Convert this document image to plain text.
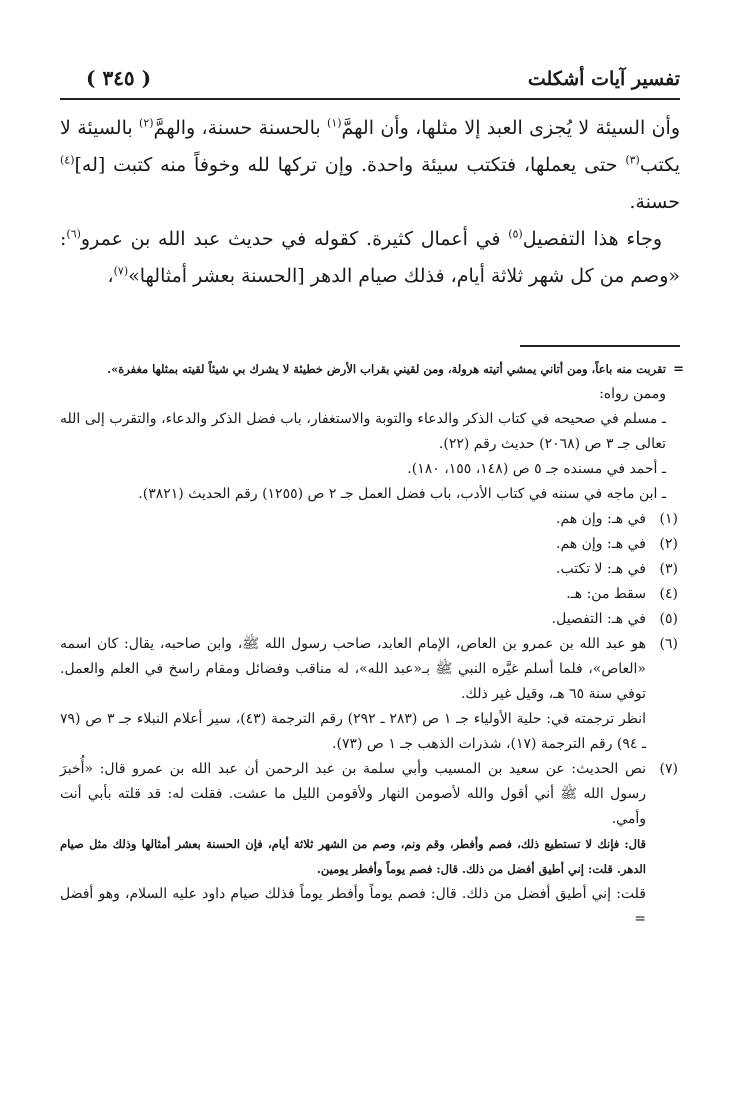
تفسير آيات أشكلت
( ٣٤٥ )

وأن السيئة لا يُجزى العبد إلا مثلها، وأن الهمَّ$^{(١)}$ بالحسنة حسنة، والهمَّ$^{(٢)}$ بالسيئة لا يكتب$^{(٣)}$ حتى يعملها، فتكتب سيئة واحدة. وإن تركها لله وخوفاً منه كتبت [له]$^{(٤)}$ حسنة.

وجاء هذا التفصيل$^{(٥)}$ في أعمال كثيرة. كقوله في حديث عبد الله بن عمرو$^{(٦)}$: «وصم من كل شهر ثلاثة أيام، فذلك صيام الدهر [الحسنة بعشر أمثالها»$^{(٧)}$،

=
تقربت منه باعاً، ومن أتاني يمشي أتيته هرولة، ومن لقيني بقراب الأرض خطيئة لا يشرك بي شيئاً لقيته بمثلها مغفرة».
وممن رواه:
ـ مسلم في صحيحه في كتاب الذكر والدعاء والتوبة والاستغفار، باب فضل الذكر والدعاء، والتقرب إلى الله تعالى جـ ٣ ص (٢٠٦٨) حديث رقم (٢٢).
ـ أحمد في مسنده جـ ٥ ص (١٤٨، ١٥٥، ١٨٠).
ـ ابن ماجه في سننه في كتاب الأدب، باب فضل العمل جـ ٢ ص (١٢٥٥) رقم الحديث (٣٨٢١).
(١)
في هـ: وإن هم.
(٢)
في هـ: وإن هم.
(٣)
في هـ: لا تكتب.
(٤)
سقط من: هـ.
(٥)
في هـ: التفصيل.
(٦)
هو عبد الله بن عمرو بن العاص، الإمام العابد، صاحب رسول الله ﷺ، وابن صاحبه، يقال: كان اسمه «العاص»، فلما أسلم غيَّره النبي ﷺ بـ«عبد الله»، له مناقب وفضائل ومقام راسخ في العلم والعمل. توفي سنة ٦٥ هـ، وقيل غير ذلك.
انظر ترجمته في: حلية الأولياء جـ ١ ص (٢٨٣ ـ ٢٩٢) رقم الترجمة (٤٣)، سير أعلام النبلاء جـ ٣ ص (٧٩ ـ ٩٤) رقم الترجمة (١٧)، شذرات الذهب جـ ١ ص (٧٣).
(٧)
نص الحديث: عن سعيد بن المسيب وأبي سلمة بن عبد الرحمن أن عبد الله بن عمرو قال: «أُخبرَ رسول الله ﷺ أني أقول والله لأصومن النهار ولأقومن الليل ما عشت. فقلت له: قد قلته بأبي أنت وأمي.
قال: فإنك لا تستطيع ذلك، فصم وأفطر، وقم ونم، وصم من الشهر ثلاثة أيام، فإن الحسنة بعشر أمثالها وذلك مثل صيام الدهر. قلت: إني أطيق أفضل من ذلك. قال: فصم يوماً وأفطر يومين.
قلت: إني أطيق أفضل من ذلك. قال: فصم يوماً وأفطر يوماً فذلك صيام داود عليه السلام، وهو أفضل =
